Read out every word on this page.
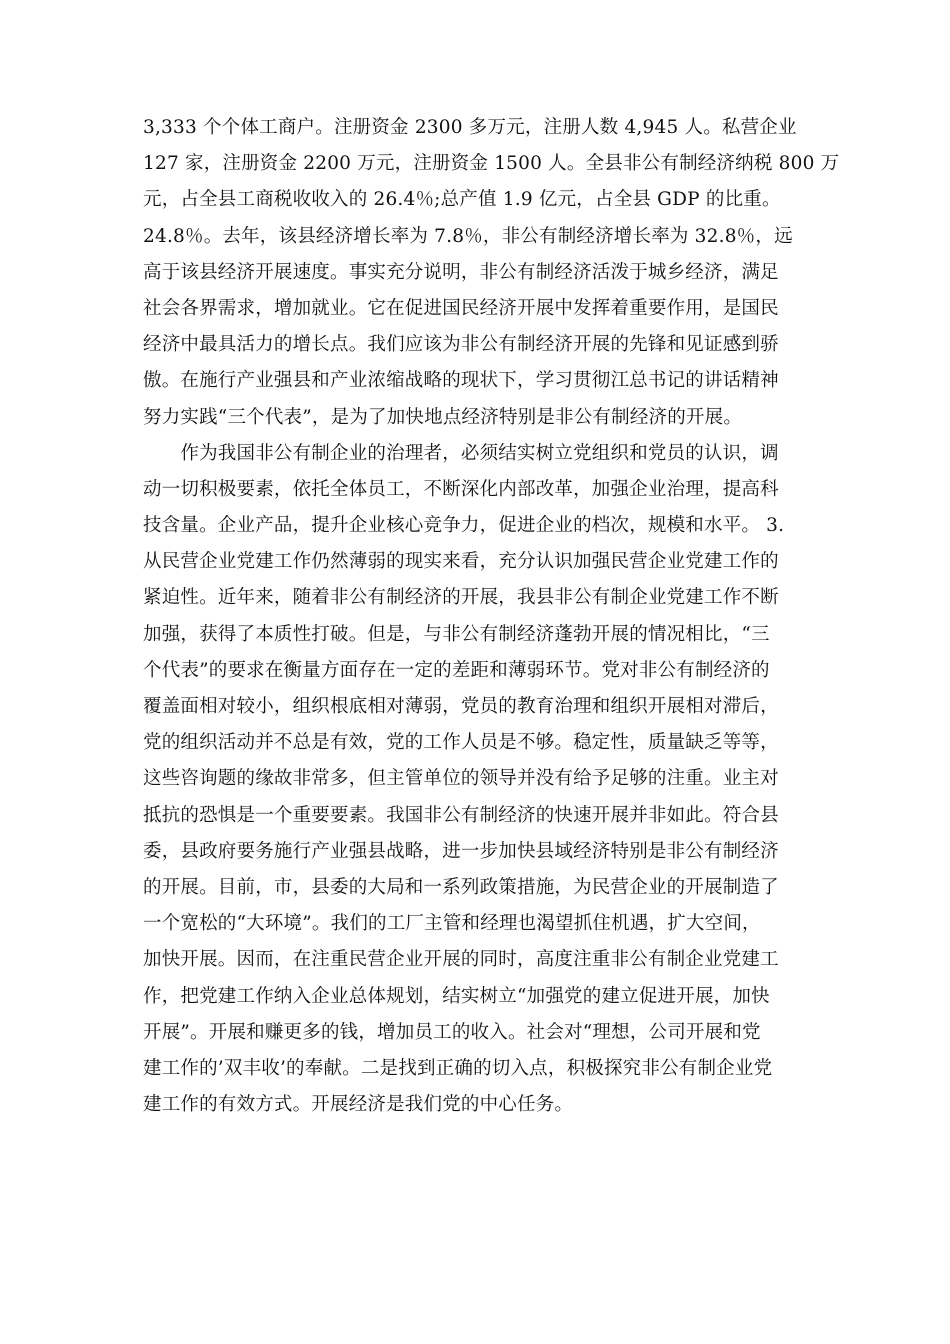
3,333 个个体工商户。注册资金 2300 多万元，注册人数 4,945 人。私营企业
127 家，注册资金 2200 万元，注册资金 1500 人。全县非公有制经济纳税 800 万
元，占全县工商税收收入的 26.4％;总产值 1.9 亿元，占全县 GDP 的比重。
24.8％。去年，该县经济增长率为 7.8％，非公有制经济增长率为 32.8％，远
高于该县经济开展速度。事实充分说明，非公有制经济活泼于城乡经济，满足
社会各界需求，增加就业。它在促进国民经济开展中发挥着重要作用，是国民
经济中最具活力的增长点。我们应该为非公有制经济开展的先锋和见证感到骄
傲。在施行产业强县和产业浓缩战略的现状下，学习贯彻江总书记的讲话精神
努力实践“三个代表”，是为了加快地点经济特别是非公有制经济的开展。
　　作为我国非公有制企业的治理者，必须结实树立党组织和党员的认识，调
动一切积极要素，依托全体员工，不断深化内部改革，加强企业治理，提高科
技含量。企业产品，提升企业核心竞争力，促进企业的档次，规模和水平。 3.
从民营企业党建工作仍然薄弱的现实来看，充分认识加强民营企业党建工作的
紧迫性。近年来，随着非公有制经济的开展，我县非公有制企业党建工作不断
加强，获得了本质性打破。但是，与非公有制经济蓬勃开展的情况相比，“三
个代表”的要求在衡量方面存在一定的差距和薄弱环节。党对非公有制经济的
覆盖面相对较小，组织根底相对薄弱，党员的教育治理和组织开展相对滞后，
党的组织活动并不总是有效，党的工作人员是不够。稳定性，质量缺乏等等，
这些咨询题的缘故非常多，但主管单位的领导并没有给予足够的注重。业主对
抵抗的恐惧是一个重要要素。我国非公有制经济的快速开展并非如此。符合县
委，县政府要务施行产业强县战略，进一步加快县域经济特别是非公有制经济
的开展。目前，市，县委的大局和一系列政策措施，为民营企业的开展制造了
一个宽松的“大环境”。我们的工厂主管和经理也渴望抓住机遇，扩大空间，
加快开展。因而，在注重民营企业开展的同时，高度注重非公有制企业党建工
作，把党建工作纳入企业总体规划，结实树立“加强党的建立促进开展，加快
开展”。开展和赚更多的钱，增加员工的收入。社会对“理想，公司开展和党
建工作的’双丰收’的奉献。二是找到正确的切入点，积极探究非公有制企业党
建工作的有效方式。开展经济是我们党的中心任务。
